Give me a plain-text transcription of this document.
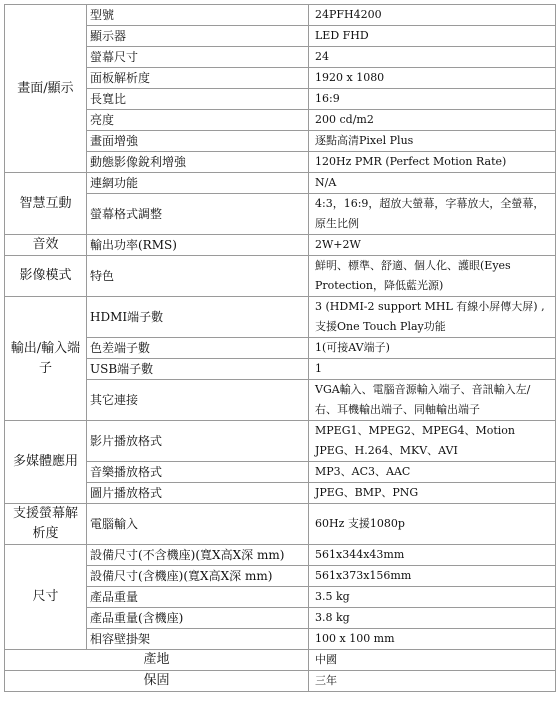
畫面/顯示	型號	24PFH4200
	顯示器	LED FHD
	螢幕尺寸	24
	面板解析度	1920 x 1080
	長寬比	16:9
	亮度	200 cd/m2
	畫面增強	逐點高清Pixel Plus
	動態影像銳利增強	120Hz PMR (Perfect Motion Rate)
智慧互動	連網功能	N/A
	螢幕格式調整	4:3，16:9，超放大螢幕，字幕放大，全螢幕，原生比例
音效	輸出功率(RMS)	2W+2W
影像模式	特色	鮮明、標準、舒適、個人化、護眼(Eyes Protection，降低藍光源)
輸出/輸入端子	HDMI端子數	3 (HDMI-2 support MHL 有線小屏傳大屏) , 支援One Touch Play功能
	色差端子數	1(可接AV端子)
	USB端子數	1
	其它連接	VGA輸入、電腦音源輸入端子、音訊輸入左/右、耳機輸出端子、同軸輸出端子
多媒體應用	影片播放格式	MPEG1、MPEG2、MPEG4、Motion JPEG、H.264、MKV、AVI
	音樂播放格式	MP3、AC3、AAC
	圖片播放格式	JPEG、BMP、PNG
支援螢幕解析度	電腦輸入	60Hz 支援1080p
尺寸	設備尺寸(不含機座)(寬X高X深 mm)	561x344x43mm
	設備尺寸(含機座)(寬X高X深 mm)	561x373x156mm
	產品重量	3.5 kg
	產品重量(含機座)	3.8 kg
	相容壁掛架	100 x 100 mm
產地		中國
保固		三年
